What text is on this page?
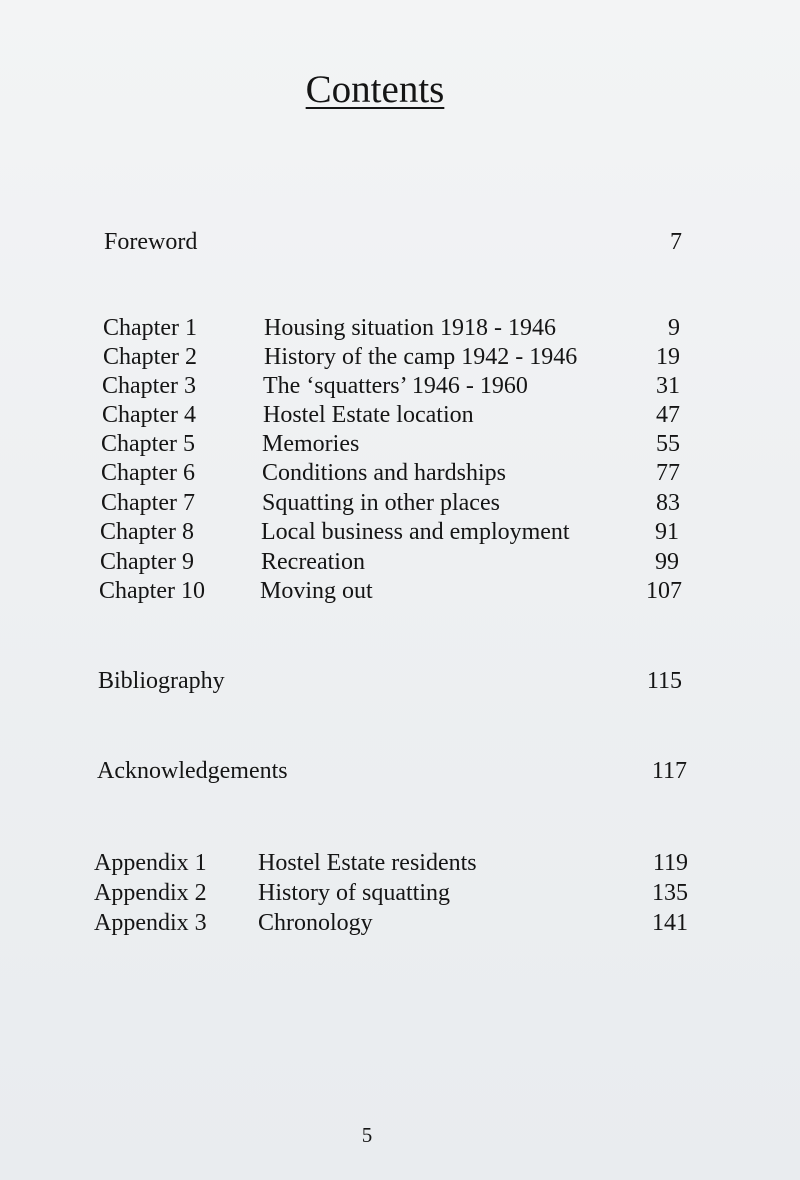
Contents
Foreword	7
Chapter 1	Housing situation 1918 - 1946	9
Chapter 2	History of the camp 1942 - 1946	19
Chapter 3	The ‘squatters’ 1946 - 1960	31
Chapter 4	Hostel Estate location	47
Chapter 5	Memories	55
Chapter 6	Conditions and hardships	77
Chapter 7	Squatting in other places	83
Chapter 8	Local business and employment	91
Chapter 9	Recreation	99
Chapter 10 Moving out	107
Bibliography	115
Acknowledgements	117
Appendix 1 Hostel Estate residents	119
Appendix 2 History of squatting	135
Appendix 3 Chronology	141
5
